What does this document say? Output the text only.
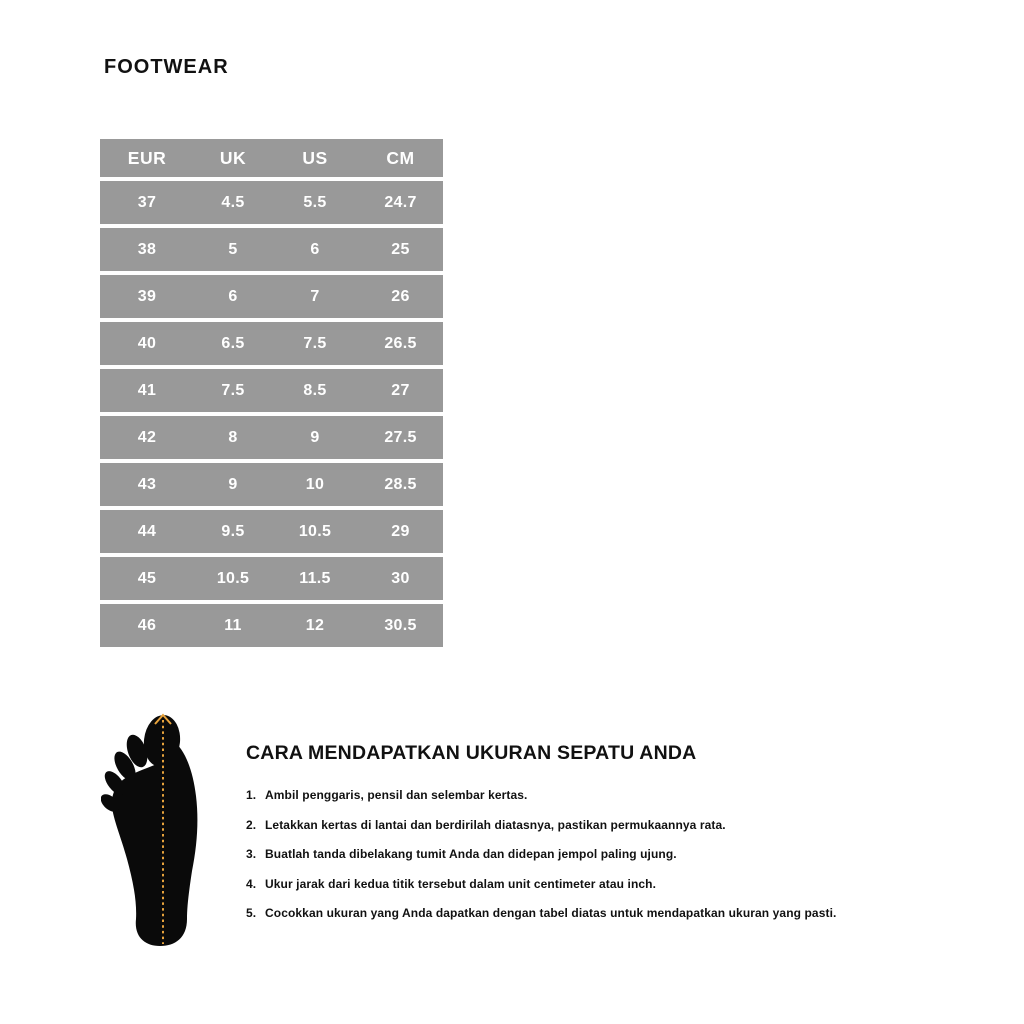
FOOTWEAR
EUR	UK	US	CM
37	4.5	5.5	24.7
38	5	6	25
39	6	7	26
40	6.5	7.5	26.5
41	7.5	8.5	27
42	8	9	27.5
43	9	10	28.5
44	9.5	10.5	29
45	10.5	11.5	30
46	11	12	30.5
CARA MENDAPATKAN UKURAN SEPATU ANDA
1. Ambil penggaris, pensil dan selembar kertas.
2. Letakkan kertas di lantai dan berdirilah diatasnya, pastikan permukaannya rata.
3. Buatlah tanda dibelakang tumit Anda dan didepan jempol paling ujung.
4. Ukur jarak dari kedua titik tersebut dalam unit centimeter atau inch.
5. Cocokkan ukuran yang Anda dapatkan dengan tabel diatas untuk mendapatkan ukuran yang pasti.
